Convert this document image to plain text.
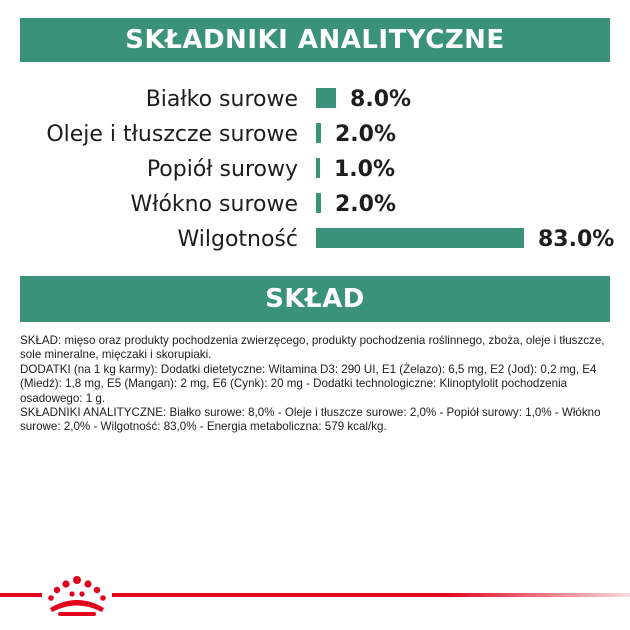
SKŁADNIKI ANALITYCZNE
Białko surowe 8.0%
Oleje i tłuszcze surowe 2.0%
Popiół surowy 1.0%
Włókno surowe 2.0%
Wilgotność	83.0%
SKŁAD

SKŁAD: mięso oraz produkty pochodzenia zwierzęcego, produkty pochodzenia roślinnego, zboża, oleje i tłuszcze, sole mineralne, mięczaki i skorupiaki.

DODATKI (na 1 kg karmy): Dodatki dietetyczne: Witamina D3: 290 UI, E1 (Żelazo): 6,5 mg, E2 (Jod): 0,2 mg, E4 (Miedź): 1,8 mg, E5 (Mangan): 2 mg, E6 (Cynk): 20 mg - Dodatki technologiczne: Klinoptylolit pochodzenia osadowego: 1 g.

SKŁADNIKI ANALITYCZNE: Białko surowe: 8,0% - Oleje i tłuszcze surowe: 2,0% - Popiół surowy: 1,0% - Włókno surowe: 2,0% - Wilgotność: 83,0% - Energia metaboliczna: 579 kcal/kg.
